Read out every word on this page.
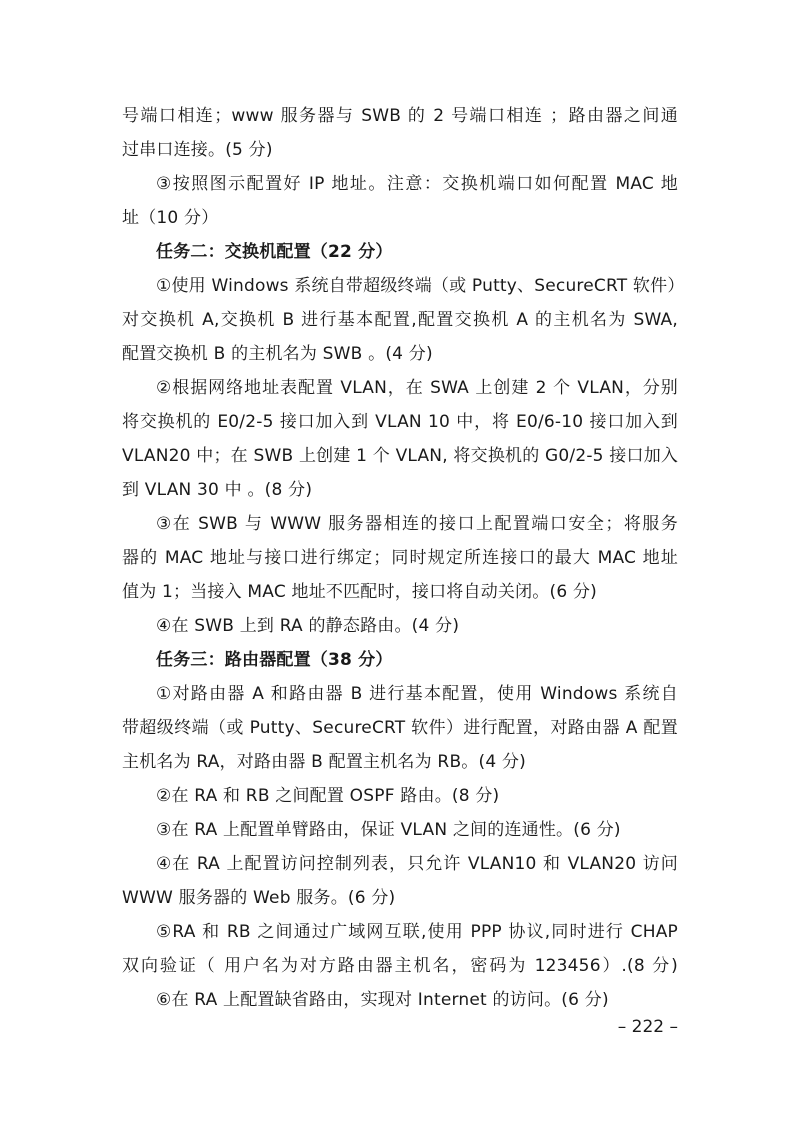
号端口相连；www 服务器与 SWB 的 2 号端口相连 ；路由器之间通
过串口连接。(5 分)
③按照图示配置好 IP 地址。注意：交换机端口如何配置 MAC 地
址（10 分）
任务二：交换机配置（22 分）
①使用 Windows 系统自带超级终端（或 Putty、SecureCRT 软件）
对交换机 A,交换机 B 进行基本配置,配置交换机 A 的主机名为 SWA,
配置交换机 B 的主机名为 SWB 。(4 分)
②根据网络地址表配置 VLAN，在 SWA 上创建 2 个 VLAN，分别
将交换机的 E0/2-5 接口加入到 VLAN 10 中，将 E0/6-10 接口加入到
VLAN20 中；在 SWB 上创建 1 个 VLAN, 将交换机的 G0/2-5 接口加入
到 VLAN 30 中 。(8 分)
③在 SWB 与 WWW 服务器相连的接口上配置端口安全；将服务
器的 MAC 地址与接口进行绑定；同时规定所连接口的最大 MAC 地址
值为 1；当接入 MAC 地址不匹配时，接口将自动关闭。(6 分)
④在 SWB 上到 RA 的静态路由。(4 分)
任务三：路由器配置（38 分）
①对路由器 A 和路由器 B 进行基本配置，使用 Windows 系统自
带超级终端（或 Putty、SecureCRT 软件）进行配置，对路由器 A 配置
主机名为 RA，对路由器 B 配置主机名为 RB。(4 分)
②在 RA 和 RB 之间配置 OSPF 路由。(8 分)
③在 RA 上配置单臂路由，保证 VLAN 之间的连通性。(6 分)
④在 RA 上配置访问控制列表，只允许 VLAN10 和 VLAN20 访问
WWW 服务器的 Web 服务。(6 分)
⑤RA 和 RB 之间通过广域网互联,使用 PPP 协议,同时进行 CHAP
双向验证（ 用户名为对方路由器主机名，密码为 123456）.(8 分)
⑥在 RA 上配置缺省路由，实现对 Internet 的访问。(6 分)
– 222 –
